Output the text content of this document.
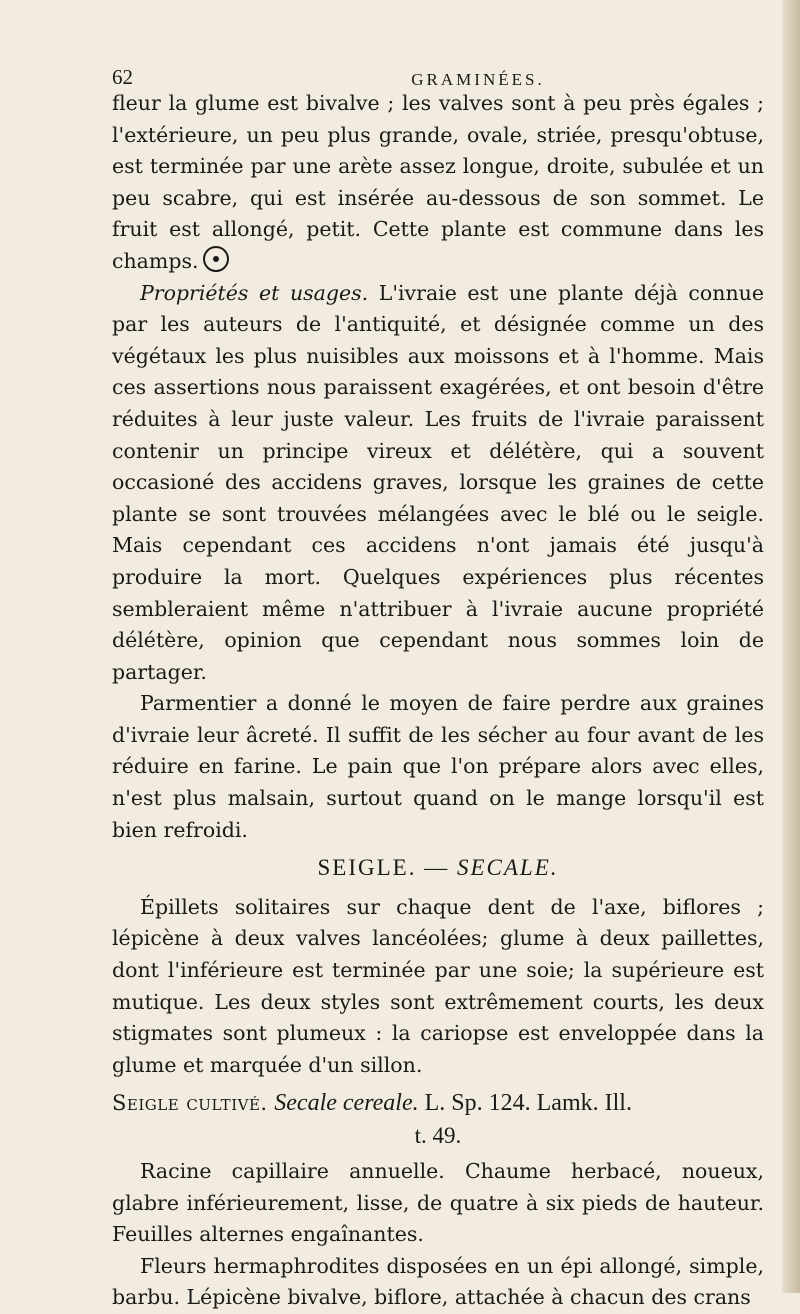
62	GRAMINÉES.

fleur la glume est bivalve ; les valves sont à peu près égales ; l'extérieure, un peu plus grande, ovale, striée, presqu'obtuse, est terminée par une arète assez longue, droite, subulée et un peu scabre, qui est insérée au-dessous de son sommet. Le fruit est allongé, petit. Cette plante est commune dans les champs.

Propriétés et usages. L'ivraie est une plante déjà connue par les auteurs de l'antiquité, et désignée comme un des végétaux les plus nuisibles aux moissons et à l'homme. Mais ces assertions nous paraissent exagérées, et ont besoin d'être réduites à leur juste valeur. Les fruits de l'ivraie paraissent contenir un principe vireux et délétère, qui a souvent occasioné des accidens graves, lorsque les graines de cette plante se sont trouvées mélangées avec le blé ou le seigle. Mais cependant ces accidens n'ont jamais été jusqu'à produire la mort. Quelques expériences plus récentes sembleraient même n'attribuer à l'ivraie aucune propriété délétère, opinion que cependant nous sommes loin de partager.

Parmentier a donné le moyen de faire perdre aux graines d'ivraie leur âcreté. Il suffit de les sécher au four avant de les réduire en farine. Le pain que l'on prépare alors avec elles, n'est plus malsain, surtout quand on le mange lorsqu'il est bien refroidi.

SEIGLE. — SECALE.

Épillets solitaires sur chaque dent de l'axe, biflores ; lépicène à deux valves lancéolées; glume à deux paillettes, dont l'inférieure est terminée par une soie; la supérieure est mutique. Les deux styles sont extrêmement courts, les deux stigmates sont plumeux : la cariopse est enveloppée dans la glume et marquée d'un sillon.

Seigle cultivé. Secale cereale. L. Sp. 124. Lamk. Ill.

t. 49.

Racine capillaire annuelle. Chaume herbacé, noueux, glabre inférieurement, lisse, de quatre à six pieds de hauteur. Feuilles alternes engaînantes.

Fleurs hermaphrodites disposées en un épi allongé, simple, barbu. Lépicène bivalve, biflore, attachée à chacun des crans
